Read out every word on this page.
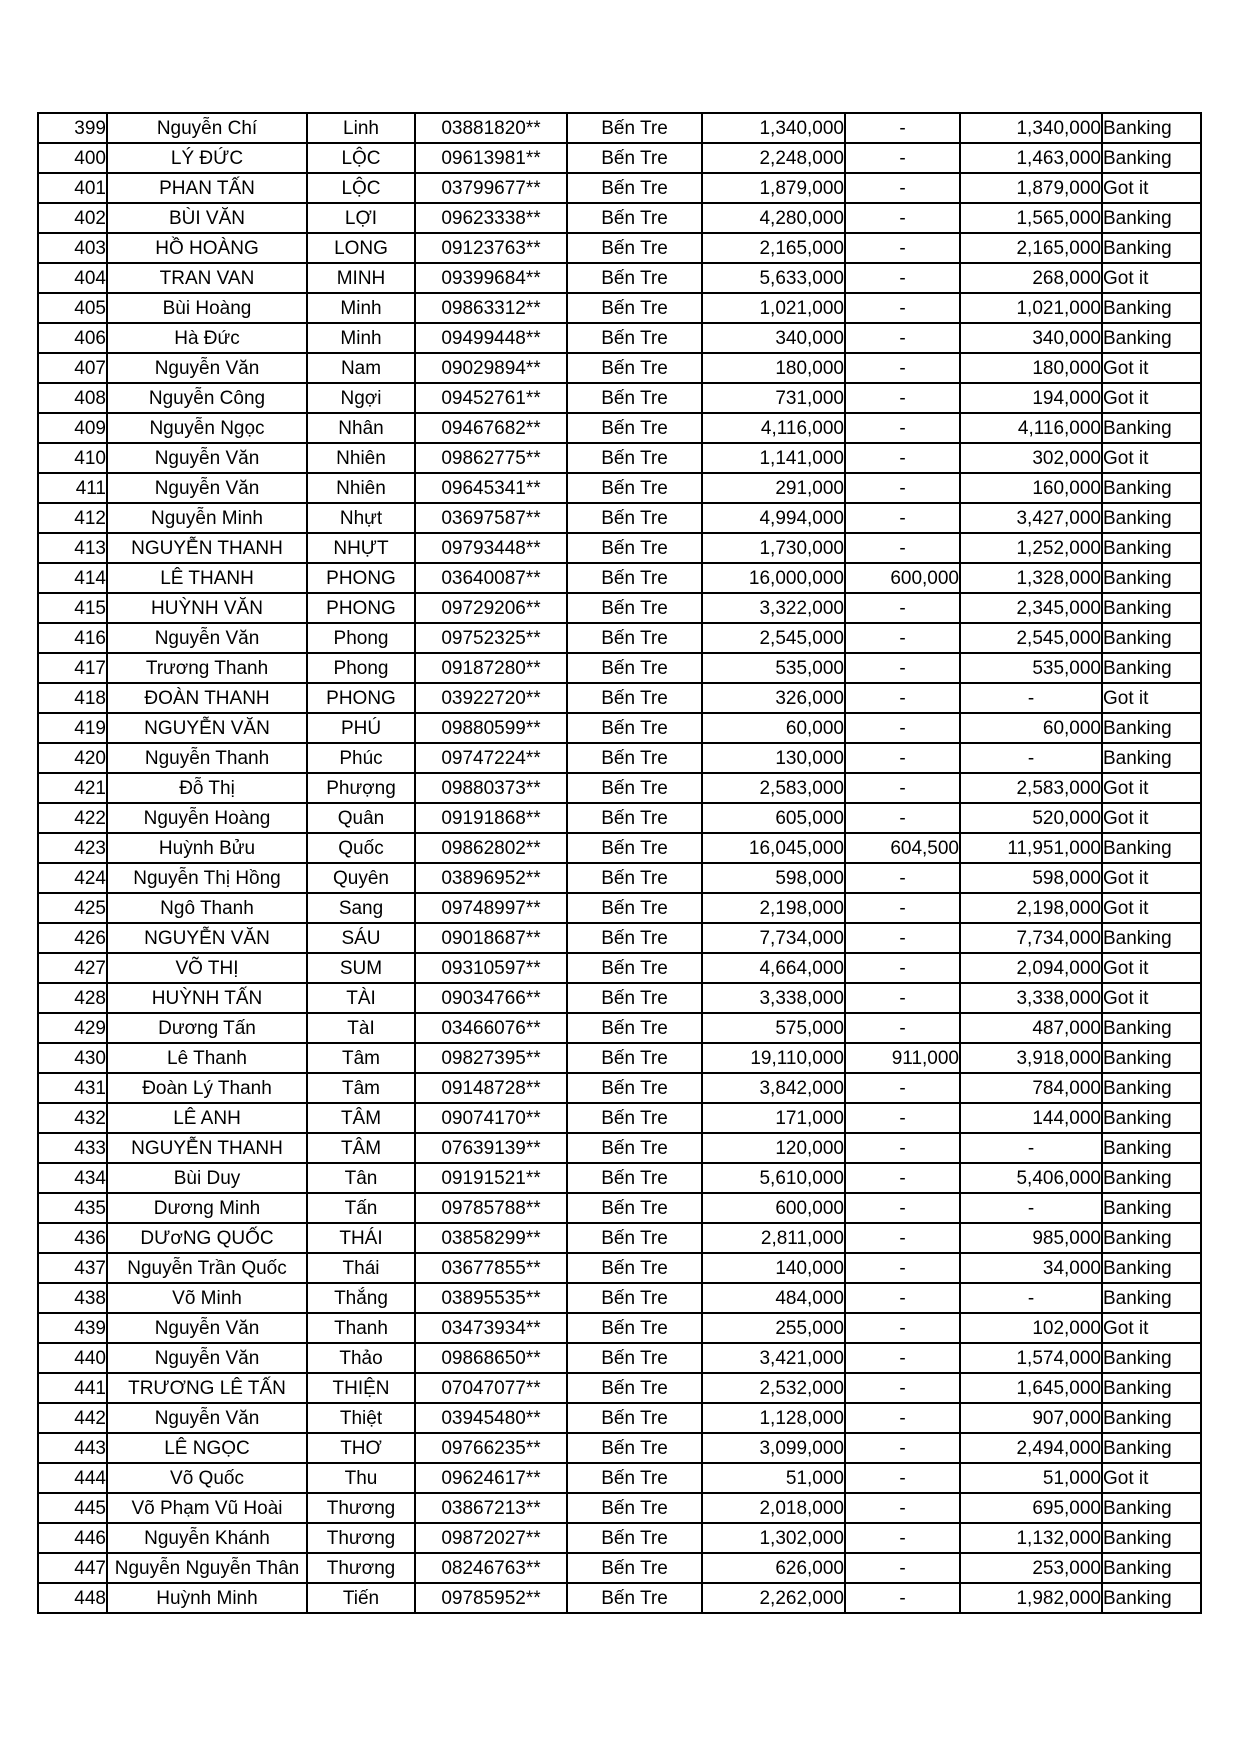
399	Nguyễn Chí	Linh	03881820**	Bến Tre	1,340,000	-	1,340,000	Banking
400	LÝ ĐỨC	LỘC	09613981**	Bến Tre	2,248,000	-	1,463,000	Banking
401	PHAN TẤN	LỘC	03799677**	Bến Tre	1,879,000	-	1,879,000	Got it
402	BÙI VĂN	LỢI	09623338**	Bến Tre	4,280,000	-	1,565,000	Banking
403	HỒ HOÀNG	LONG	09123763**	Bến Tre	2,165,000	-	2,165,000	Banking
404	TRAN VAN	MINH	09399684**	Bến Tre	5,633,000	-	268,000	Got it
405	Bùi Hoàng	Minh	09863312**	Bến Tre	1,021,000	-	1,021,000	Banking
406	Hà Đức	Minh	09499448**	Bến Tre	340,000	-	340,000	Banking
407	Nguyễn Văn	Nam	09029894**	Bến Tre	180,000	-	180,000	Got it
408	Nguyễn Công	Ngợi	09452761**	Bến Tre	731,000	-	194,000	Got it
409	Nguyễn Ngọc	Nhân	09467682**	Bến Tre	4,116,000	-	4,116,000	Banking
410	Nguyễn Văn	Nhiên	09862775**	Bến Tre	1,141,000	-	302,000	Got it
411	Nguyễn Văn	Nhiên	09645341**	Bến Tre	291,000	-	160,000	Banking
412	Nguyễn Minh	Nhựt	03697587**	Bến Tre	4,994,000	-	3,427,000	Banking
413	NGUYỄN THANH	NHỰT	09793448**	Bến Tre	1,730,000	-	1,252,000	Banking
414	LÊ THANH	PHONG	03640087**	Bến Tre	16,000,000	600,000	1,328,000	Banking
415	HUỲNH VĂN	PHONG	09729206**	Bến Tre	3,322,000	-	2,345,000	Banking
416	Nguyễn Văn	Phong	09752325**	Bến Tre	2,545,000	-	2,545,000	Banking
417	Trương Thanh	Phong	09187280**	Bến Tre	535,000	-	535,000	Banking
418	ĐOÀN THANH	PHONG	03922720**	Bến Tre	326,000	-	-	Got it
419	NGUYỄN VĂN	PHÚ	09880599**	Bến Tre	60,000	-	60,000	Banking
420	Nguyễn Thanh	Phúc	09747224**	Bến Tre	130,000	-	-	Banking
421	Đỗ Thị	Phượng	09880373**	Bến Tre	2,583,000	-	2,583,000	Got it
422	Nguyễn Hoàng	Quân	09191868**	Bến Tre	605,000	-	520,000	Got it
423	Huỳnh Bửu	Quốc	09862802**	Bến Tre	16,045,000	604,500	11,951,000	Banking
424	Nguyễn Thị Hồng	Quyên	03896952**	Bến Tre	598,000	-	598,000	Got it
425	Ngô Thanh	Sang	09748997**	Bến Tre	2,198,000	-	2,198,000	Got it
426	NGUYỄN VĂN	SÁU	09018687**	Bến Tre	7,734,000	-	7,734,000	Banking
427	VÕ THỊ	SUM	09310597**	Bến Tre	4,664,000	-	2,094,000	Got it
428	HUỲNH TẤN	TÀI	09034766**	Bến Tre	3,338,000	-	3,338,000	Got it
429	Dương Tấn	TàI	03466076**	Bến Tre	575,000	-	487,000	Banking
430	Lê Thanh	Tâm	09827395**	Bến Tre	19,110,000	911,000	3,918,000	Banking
431	Đoàn Lý Thanh	Tâm	09148728**	Bến Tre	3,842,000	-	784,000	Banking
432	LÊ ANH	TÂM	09074170**	Bến Tre	171,000	-	144,000	Banking
433	NGUYỄN THANH	TÂM	07639139**	Bến Tre	120,000	-	-	Banking
434	Bùi Duy	Tân	09191521**	Bến Tre	5,610,000	-	5,406,000	Banking
435	Dương Minh	Tấn	09785788**	Bến Tre	600,000	-	-	Banking
436	DƯơNG QUỐC	THÁI	03858299**	Bến Tre	2,811,000	-	985,000	Banking
437	Nguyễn Trần Quốc	Thái	03677855**	Bến Tre	140,000	-	34,000	Banking
438	Võ Minh	Thắng	03895535**	Bến Tre	484,000	-	-	Banking
439	Nguyễn Văn	Thanh	03473934**	Bến Tre	255,000	-	102,000	Got it
440	Nguyễn Văn	Thảo	09868650**	Bến Tre	3,421,000	-	1,574,000	Banking
441	TRƯƠNG LÊ TẤN	THIỆN	07047077**	Bến Tre	2,532,000	-	1,645,000	Banking
442	Nguyễn Văn	Thiệt	03945480**	Bến Tre	1,128,000	-	907,000	Banking
443	LÊ NGỌC	THƠ	09766235**	Bến Tre	3,099,000	-	2,494,000	Banking
444	Võ Quốc	Thu	09624617**	Bến Tre	51,000	-	51,000	Got it
445	Võ Phạm Vũ Hoài	Thương	03867213**	Bến Tre	2,018,000	-	695,000	Banking
446	Nguyễn Khánh	Thương	09872027**	Bến Tre	1,302,000	-	1,132,000	Banking
447	Nguyễn Nguyễn Thân	Thương	08246763**	Bến Tre	626,000	-	253,000	Banking
448	Huỳnh Minh	Tiến	09785952**	Bến Tre	2,262,000	-	1,982,000	Banking
